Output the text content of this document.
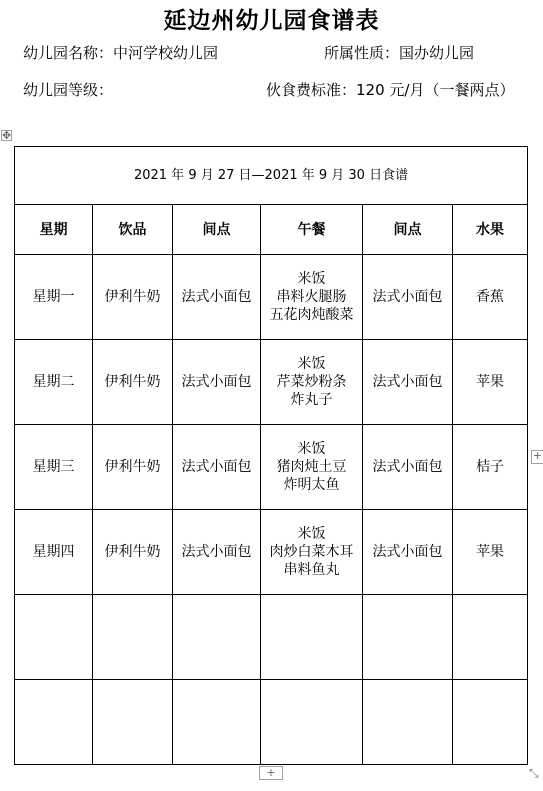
延边州幼儿园食谱表
幼儿园名称：中河学校幼儿园	所属性质：国办幼儿园
幼儿园等级：	伙食费标准：120 元/月（一餐两点）
✥
2021 年 9 月 27 日—2021 年 9 月 30 日食谱					
星期	饮品	间点	午餐	间点	水果
星期一	伊利牛奶	法式小面包	米饭
串料火腿肠
五花肉炖酸菜	法式小面包	香蕉
星期二	伊利牛奶	法式小面包	米饭
芹菜炒粉条
炸丸子	法式小面包	苹果
星期三	伊利牛奶	法式小面包	米饭
猪肉炖土豆
炸明太鱼	法式小面包	桔子
星期四	伊利牛奶	法式小面包	米饭
肉炒白菜木耳
串料鱼丸	法式小面包	苹果

+
+	⤡
